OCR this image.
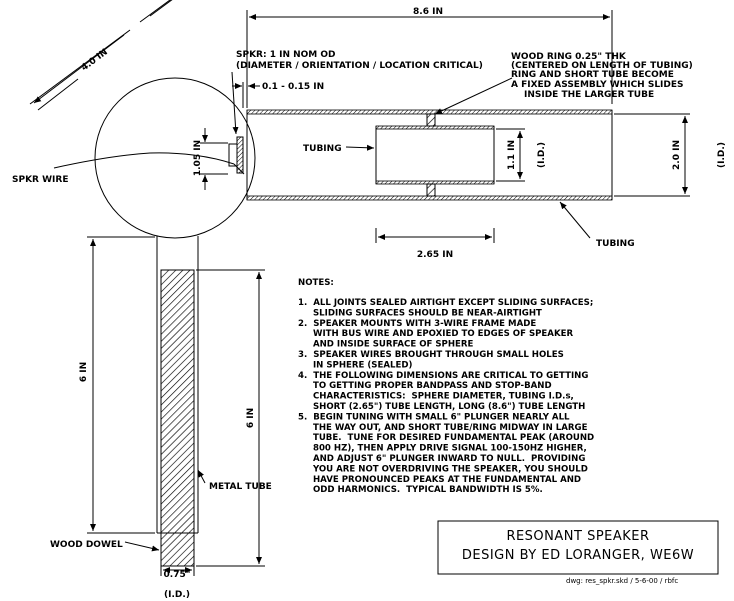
8.6 IN
4.0 IN	SPKR: 1 IN NOM OD
(DIAMETER / ORIENTATION / LOCATION CRITICAL)
0.1 - 0.15 IN
SPKR WIRE
1.05 IN	TUBING
WOOD RING 0.25" THK
(CENTERED ON LENGTH OF TUBING)
RING AND SHORT TUBE BECOME
A FIXED ASSEMBLY WHICH SLIDES
INSIDE THE LARGER TUBE
1.1 IN (I.D.)	2.0 IN	(I.D.)
2.65 IN
TUBING
6 IN
6 IN
METAL TUBE
WOOD DOWEL
0.75"
(I.D.)
NOTES:
1.  ALL JOINTS SEALED AIRTIGHT EXCEPT SLIDING SURFACES;
SLIDING SURFACES SHOULD BE NEAR-AIRTIGHT
2.  SPEAKER MOUNTS WITH 3-WIRE FRAME MADE
WITH BUS WIRE AND EPOXIED TO EDGES OF SPEAKER
AND INSIDE SURFACE OF SPHERE
3.  SPEAKER WIRES BROUGHT THROUGH SMALL HOLES
IN SPHERE (SEALED)
4.  THE FOLLOWING DIMENSIONS ARE CRITICAL TO GETTING
TO GETTING PROPER BANDPASS AND STOP-BAND
CHARACTERISTICS:  SPHERE DIAMETER, TUBING I.D.s,
SHORT (2.65") TUBE LENGTH, LONG (8.6") TUBE LENGTH
5.  BEGIN TUNING WITH SMALL 6" PLUNGER NEARLY ALL
THE WAY OUT, AND SHORT TUBE/RING MIDWAY IN LARGE
TUBE.  TUNE FOR DESIRED FUNDAMENTAL PEAK (AROUND
800 HZ), THEN APPLY DRIVE SIGNAL 100-150HZ HIGHER,
AND ADJUST 6" PLUNGER INWARD TO NULL.  PROVIDING
YOU ARE NOT OVERDRIVING THE SPEAKER, YOU SHOULD
HAVE PRONOUNCED PEAKS AT THE FUNDAMENTAL AND
ODD HARMONICS.  TYPICAL BANDWIDTH IS 5%.
RESONANT SPEAKER
DESIGN BY ED LORANGER, WE6W
dwg: res_spkr.skd / 5-6-00 / rbfc
